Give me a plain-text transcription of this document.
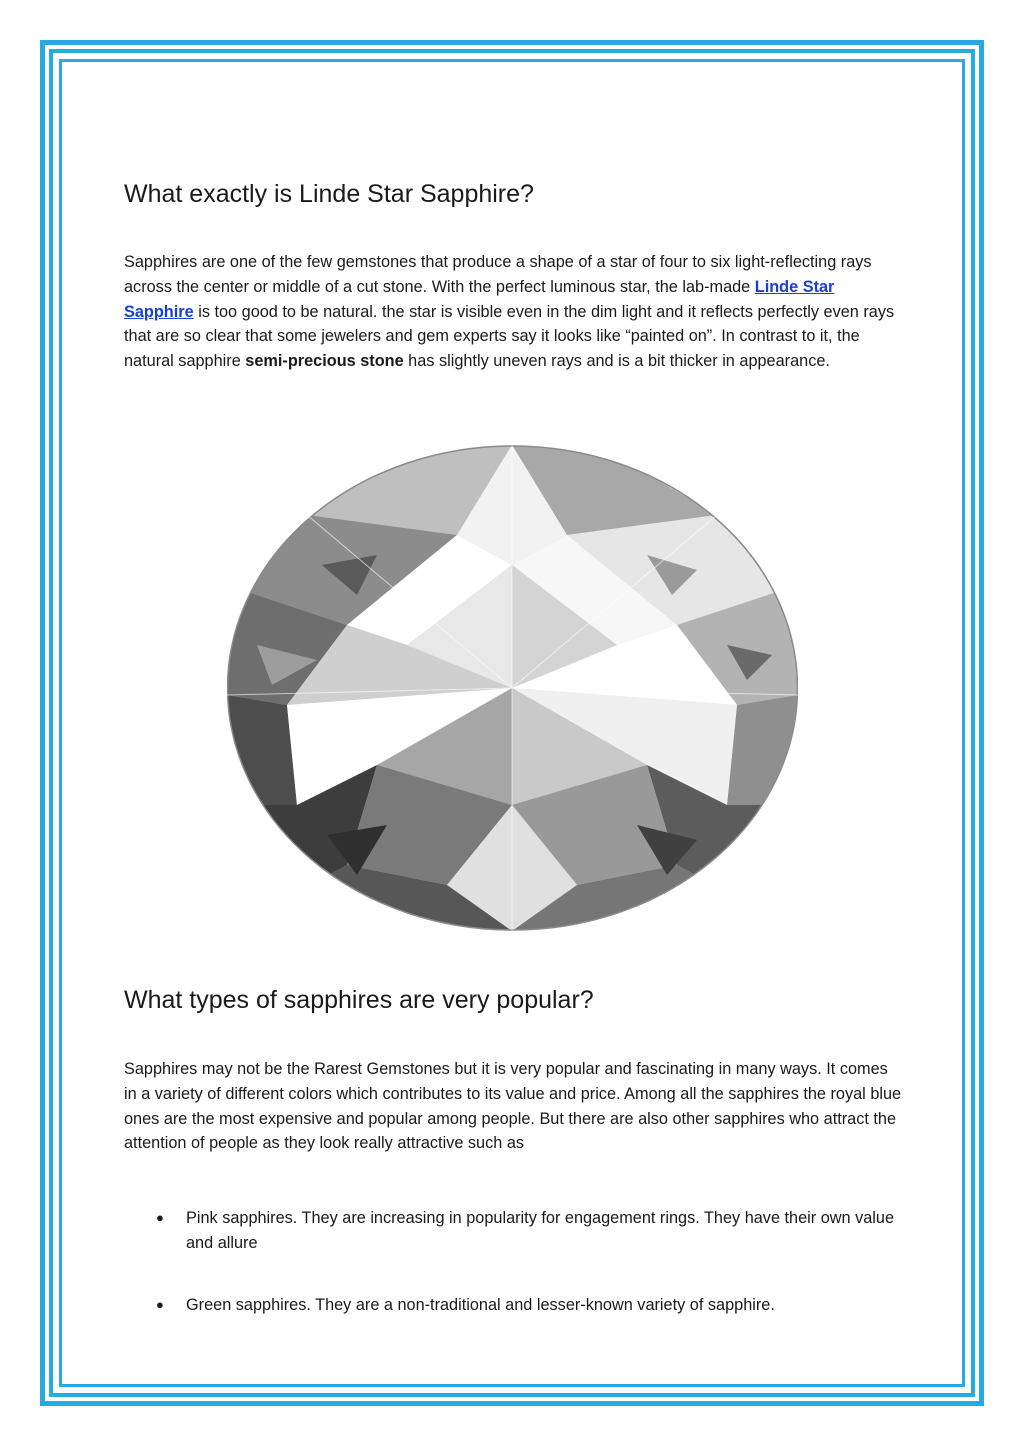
What exactly is Linde Star Sapphire?

Sapphires are one of the few gemstones that produce a shape of a star of four to six light-reflecting rays across the center or middle of a cut stone. With the perfect luminous star, the lab-made Linde Star Sapphire is too good to be natural. the star is visible even in the dim light and it reflects perfectly even rays that are so clear that some jewelers and gem experts say it looks like “painted on”. In contrast to it, the natural sapphire semi-precious stone has slightly uneven rays and is a bit thicker in appearance.

What types of sapphires are very popular?

Sapphires may not be the Rarest Gemstones but it is very popular and fascinating in many ways. It comes in a variety of different colors which contributes to its value and price. Among all the sapphires the royal blue ones are the most expensive and popular among people. But there are also other sapphires who attract the attention of people as they look really attractive such as

● Pink sapphires. They are increasing in popularity for engagement rings. They have their own value and allure
● Green sapphires. They are a non-traditional and lesser-known variety of sapphire.
